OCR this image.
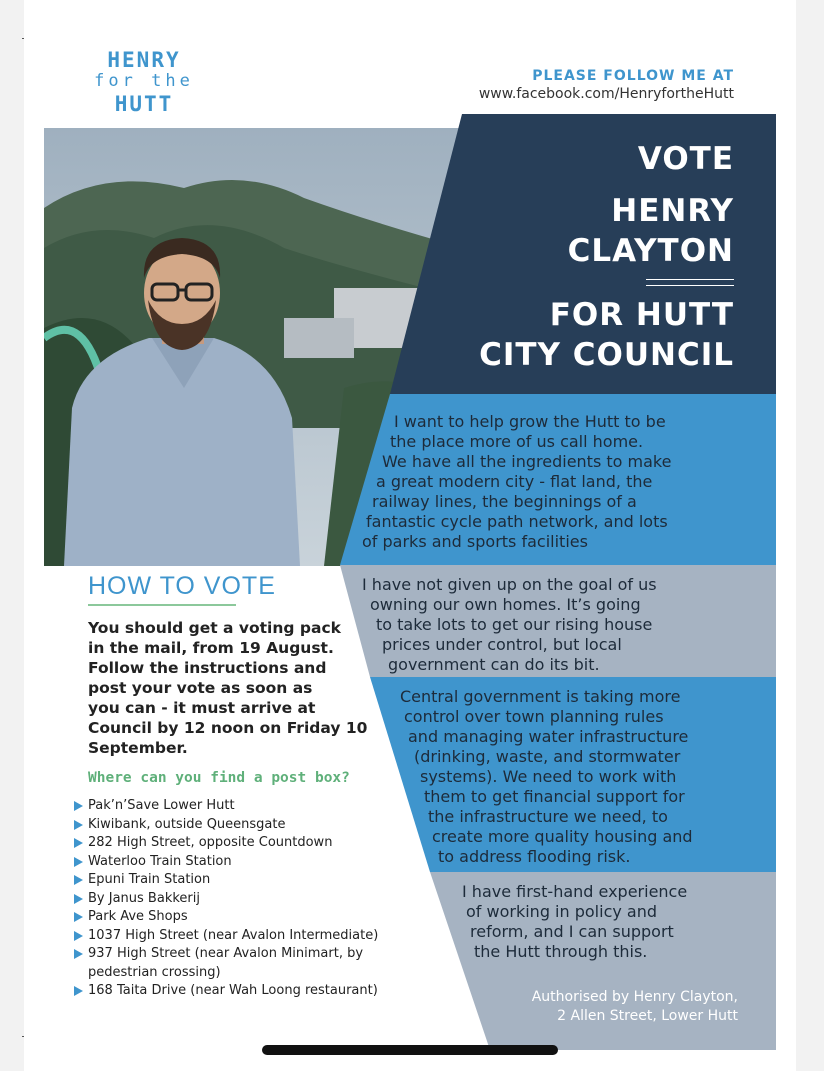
HENRY
for the
HUTT
PLEASE FOLLOW ME AT
www.facebook.com/HenryfortheHutt
VOTE
HENRY
CLAYTON
FOR HUTT
CITY COUNCIL
I want to help grow the Hutt to be
the place more of us call home.
We have all the ingredients to make
a great modern city - flat land, the
railway lines, the beginnings of a
fantastic cycle path network, and lots
of parks and sports facilities
I have not given up on the goal of us
owning our own homes. It’s going
to take lots to get our rising house
prices under control, but local
government can do its bit.
Central government is taking more
control over town planning rules
and managing water infrastructure
(drinking, waste, and stormwater
systems). We need to work with
them to get financial support for
the infrastructure we need, to
create more quality housing and
to address flooding risk.
I have first-hand experience
of working in policy and
reform, and I can support
the Hutt through this.
HOW TO VOTE
You should get a voting pack
in the mail, from 19 August.
Follow the instructions and
post your vote as soon as
you can - it must arrive at
Council by 12 noon on Friday 10
September.
Where can you find a post box?
Pak’n’Save Lower Hutt
Kiwibank, outside Queensgate
282 High Street, opposite Countdown
Waterloo Train Station
Epuni Train Station
By Janus Bakkerij
Park Ave Shops
1037 High Street (near Avalon Intermediate)
937 High Street (near Avalon Minimart, by
pedestrian crossing)
168 Taita Drive (near Wah Loong restaurant)	Authorised by Henry Clayton,
2 Allen Street, Lower Hutt
